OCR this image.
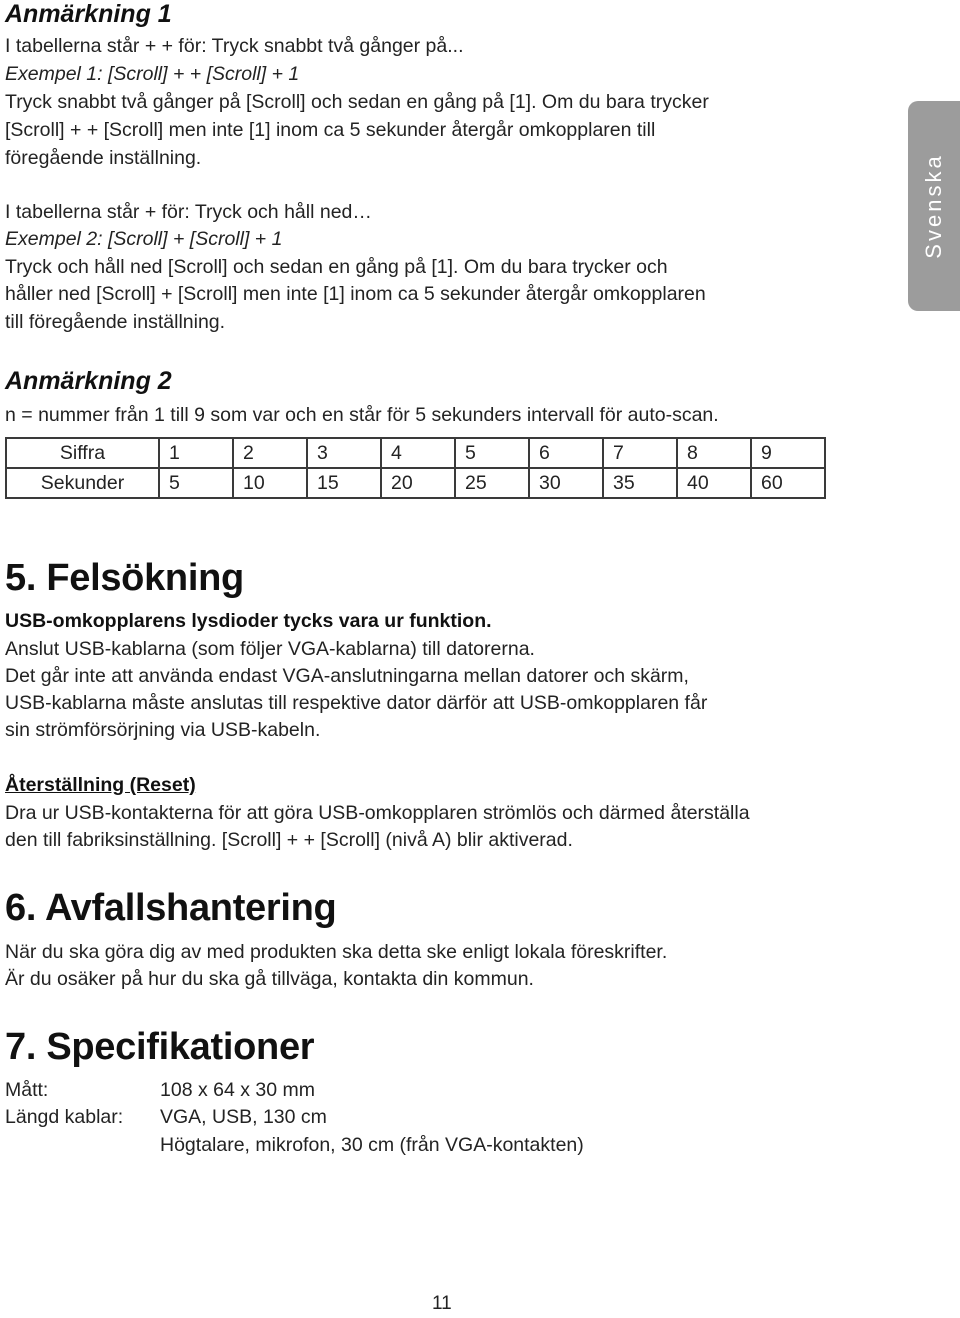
Svenska
Anmärkning 1
I tabellerna står + + för: Tryck snabbt två gånger på...
Exempel 1: [Scroll] + + [Scroll] + 1
Tryck snabbt två gånger på [Scroll] och sedan en gång på [1]. Om du bara trycker
[Scroll] + + [Scroll] men inte [1] inom ca 5 sekunder återgår omkopplaren till
föregående inställning.
I tabellerna står + för: Tryck och håll ned…
Exempel 2: [Scroll] + [Scroll] + 1
Tryck och håll ned [Scroll] och sedan en gång på [1]. Om du bara trycker och
håller ned [Scroll] + [Scroll] men inte [1] inom ca 5 sekunder återgår omkopplaren
till föregående inställning.
Anmärkning 2
n = nummer från 1 till 9 som var och en står för 5 sekunders intervall för auto-scan.
Siffra	1	2	3	4	5	6	7	8	9
Sekunder	5	10	15	20	25	30	35	40	60
5. Felsökning
USB-omkopplarens lysdioder tycks vara ur funktion.
Anslut USB-kablarna (som följer VGA-kablarna) till datorerna.
Det går inte att använda endast VGA-anslutningarna mellan datorer och skärm,
USB-kablarna måste anslutas till respektive dator därför att USB-omkopplaren får
sin strömförsörjning via USB-kabeln.
Återställning (Reset)
Dra ur USB-kontakterna för att göra USB-omkopplaren strömlös och därmed återställa
den till fabriksinställning. [Scroll] + + [Scroll] (nivå A) blir aktiverad.
6. Avfallshantering
När du ska göra dig av med produkten ska detta ske enligt lokala föreskrifter.
Är du osäker på hur du ska gå tillväga, kontakta din kommun.
7. Specifikationer
Mått:	108 x 64 x 30 mm
Längd kablar: VGA, USB, 130 cm
Högtalare, mikrofon, 30 cm (från VGA-kontakten)
11
